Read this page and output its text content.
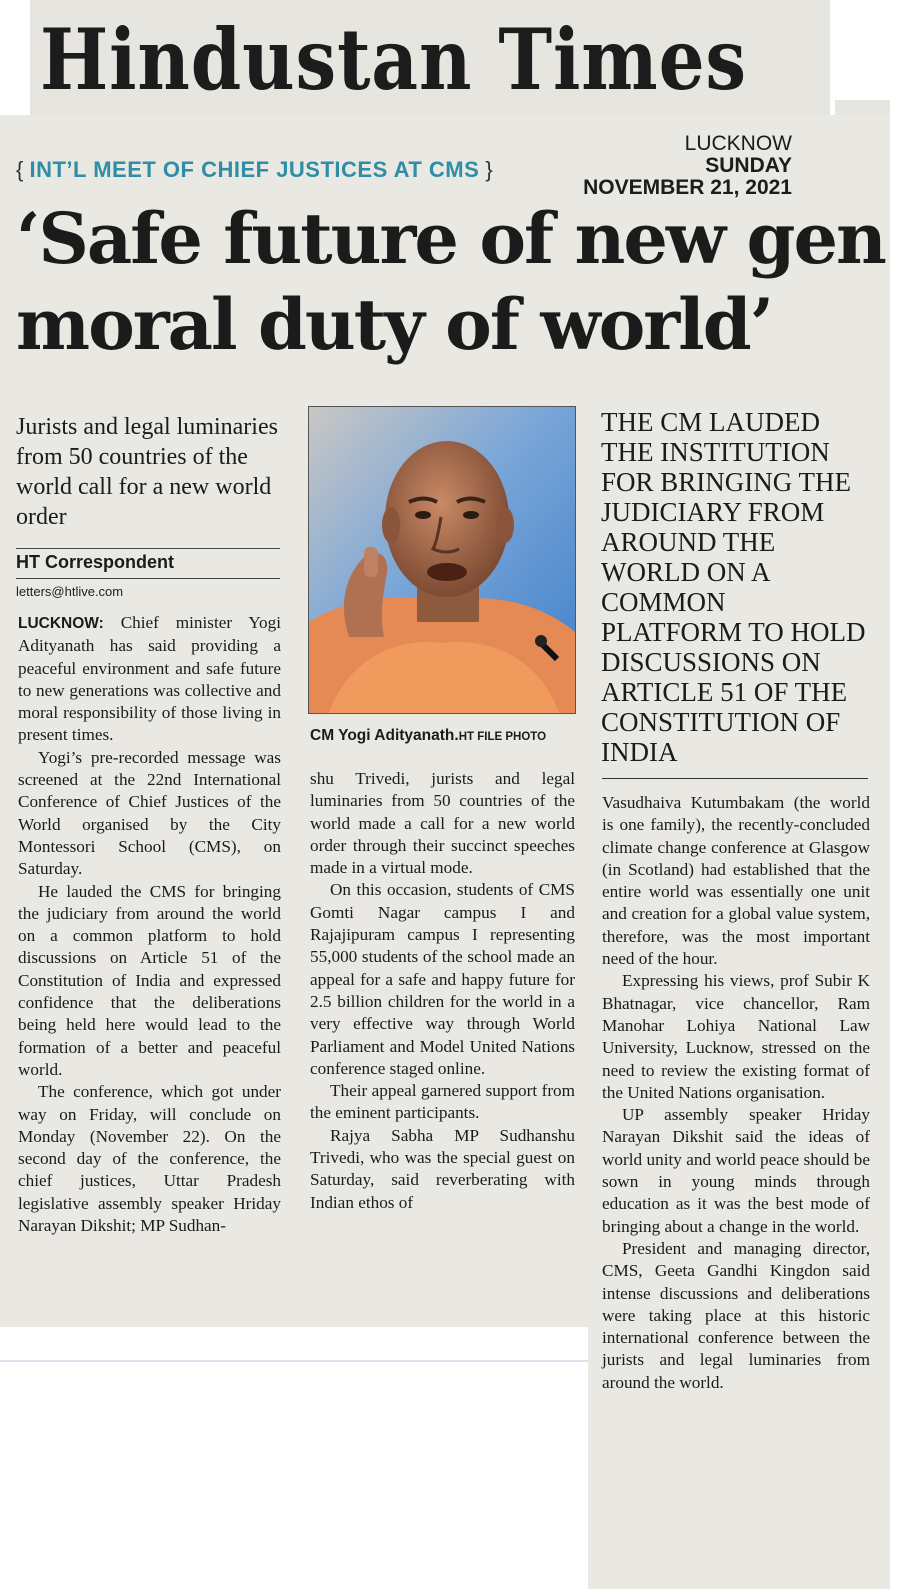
Hindustan Times
LUCKNOW
SUNDAY
NOVEMBER 21, 2021
{ INT’L MEET OF CHIEF JUSTICES AT CMS }
‘Safe future of new gen
moral duty of world’
Jurists and legal luminaries from 50 countries of the world call for a new world order
HT Correspondent
letters@htlive.com

LUCKNOW: Chief minister Yogi Adityanath has said providing a peaceful environment and safe future to new generations was collective and moral responsibility of those living in present times.

Yogi’s pre-recorded message was screened at the 22nd International Conference of Chief Justices of the World organised by the City Montessori School (CMS), on Saturday.

He lauded the CMS for bringing the judiciary from around the world on a common platform to hold discussions on Article 51 of the Constitution of India and expressed confidence that the deliberations being held here would lead to the formation of a better and peaceful world.

The conference, which got under way on Friday, will conclude on Monday (November 22). On the second day of the conference, the chief justices, Uttar Pradesh legislative assembly speaker Hriday Narayan Dikshit; MP Sudhan-

CM Yogi Adityanath.HT FILE PHOTO

shu Trivedi, jurists and legal luminaries from 50 countries of the world made a call for a new world order through their succinct speeches made in a virtual mode.

On this occasion, students of CMS Gomti Nagar campus I and Rajajipuram campus I representing 55,000 students of the school made an appeal for a safe and happy future for 2.5 billion children for the world in a very effective way through World Parliament and Model United Nations conference staged online.

Their appeal garnered support from the eminent participants.

Rajya Sabha MP Sudhanshu Trivedi, who was the special guest on Saturday, said reverberating with Indian ethos of

THE CM LAUDED THE INSTITUTION FOR BRINGING THE JUDICIARY FROM AROUND THE WORLD ON A COMMON PLATFORM TO HOLD DISCUSSIONS ON ARTICLE 51 OF THE CONSTITUTION OF INDIA

Vasudhaiva Kutumbakam (the world is one family), the recently-concluded climate change conference at Glasgow (in Scotland) had established that the entire world was essentially one unit and creation for a global value system, therefore, was the most important need of the hour.

Expressing his views, prof Subir K Bhatnagar, vice chancellor, Ram Manohar Lohiya National Law University, Lucknow, stressed on the need to review the existing format of the United Nations organisation.

UP assembly speaker Hriday Narayan Dikshit said the ideas of world unity and world peace should be sown in young minds through education as it was the best mode of bringing about a change in the world.

President and managing director, CMS, Geeta Gandhi Kingdon said intense discussions and deliberations were taking place at this historic international conference between the jurists and legal luminaries from around the world.
